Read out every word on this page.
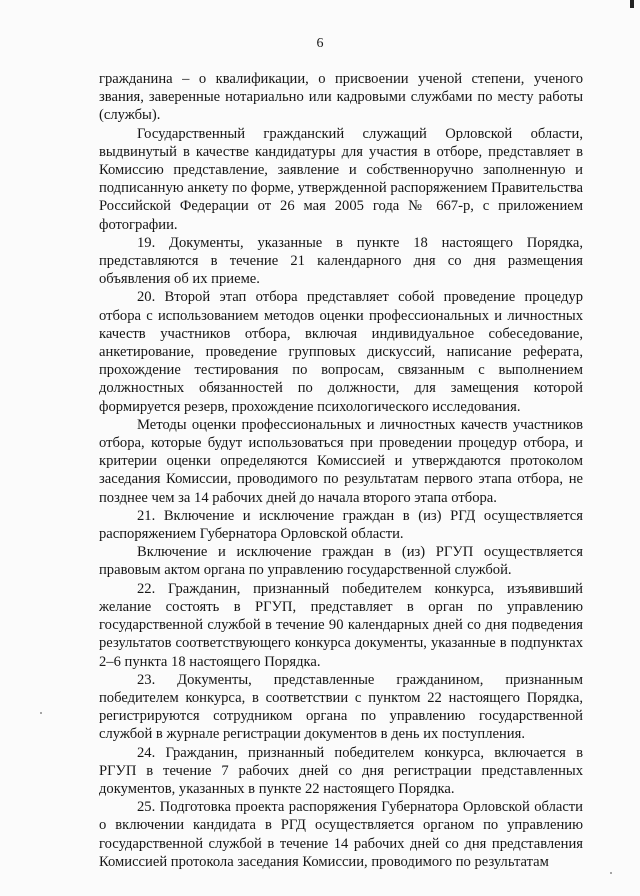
6

гражданина – о квалификации, о присвоении ученой степени, ученого звания, заверенные нотариально или кадровыми службами по месту работы (службы).

Государственный гражданский служащий Орловской области, выдвинутый в качестве кандидатуры для участия в отборе, представляет в Комиссию представление, заявление и собственноручно заполненную и подписанную анкету по форме, утвержденной распоряжением Правительства Российской Федерации от 26 мая 2005 года № 667-р, с приложением фотографии.

19. Документы, указанные в пункте 18 настоящего Порядка, представляются в течение 21 календарного дня со дня размещения объявления об их приеме.

20. Второй этап отбора представляет собой проведение процедур отбора с использованием методов оценки профессиональных и личностных качеств участников отбора, включая индивидуальное собеседование, анкетирование, проведение групповых дискуссий, написание реферата, прохождение тестирования по вопросам, связанным с выполнением должностных обязанностей по должности, для замещения которой формируется резерв, прохождение психологического исследования.

Методы оценки профессиональных и личностных качеств участников отбора, которые будут использоваться при проведении процедур отбора, и критерии оценки определяются Комиссией и утверждаются протоколом заседания Комиссии, проводимого по результатам первого этапа отбора, не позднее чем за 14 рабочих дней до начала второго этапа отбора.

21. Включение и исключение граждан в (из) РГД осуществляется распоряжением Губернатора Орловской области.

Включение и исключение граждан в (из) РГУП осуществляется правовым актом органа по управлению государственной службой.

22. Гражданин, признанный победителем конкурса, изъявивший желание состоять в РГУП, представляет в орган по управлению государственной службой в течение 90 календарных дней со дня подведения результатов соответствующего конкурса документы, указанные в подпунктах 2–6 пункта 18 настоящего Порядка.

23. Документы, представленные гражданином, признанным победителем конкурса, в соответствии с пунктом 22 настоящего Порядка, регистрируются сотрудником органа по управлению государственной службой в журнале регистрации документов в день их поступления.

24. Гражданин, признанный победителем конкурса, включается в РГУП в течение 7 рабочих дней со дня регистрации представленных документов, указанных в пункте 22 настоящего Порядка.

25. Подготовка проекта распоряжения Губернатора Орловской области о включении кандидата в РГД осуществляется органом по управлению государственной службой в течение 14 рабочих дней со дня представления Комиссией протокола заседания Комиссии, проводимого по результатам
